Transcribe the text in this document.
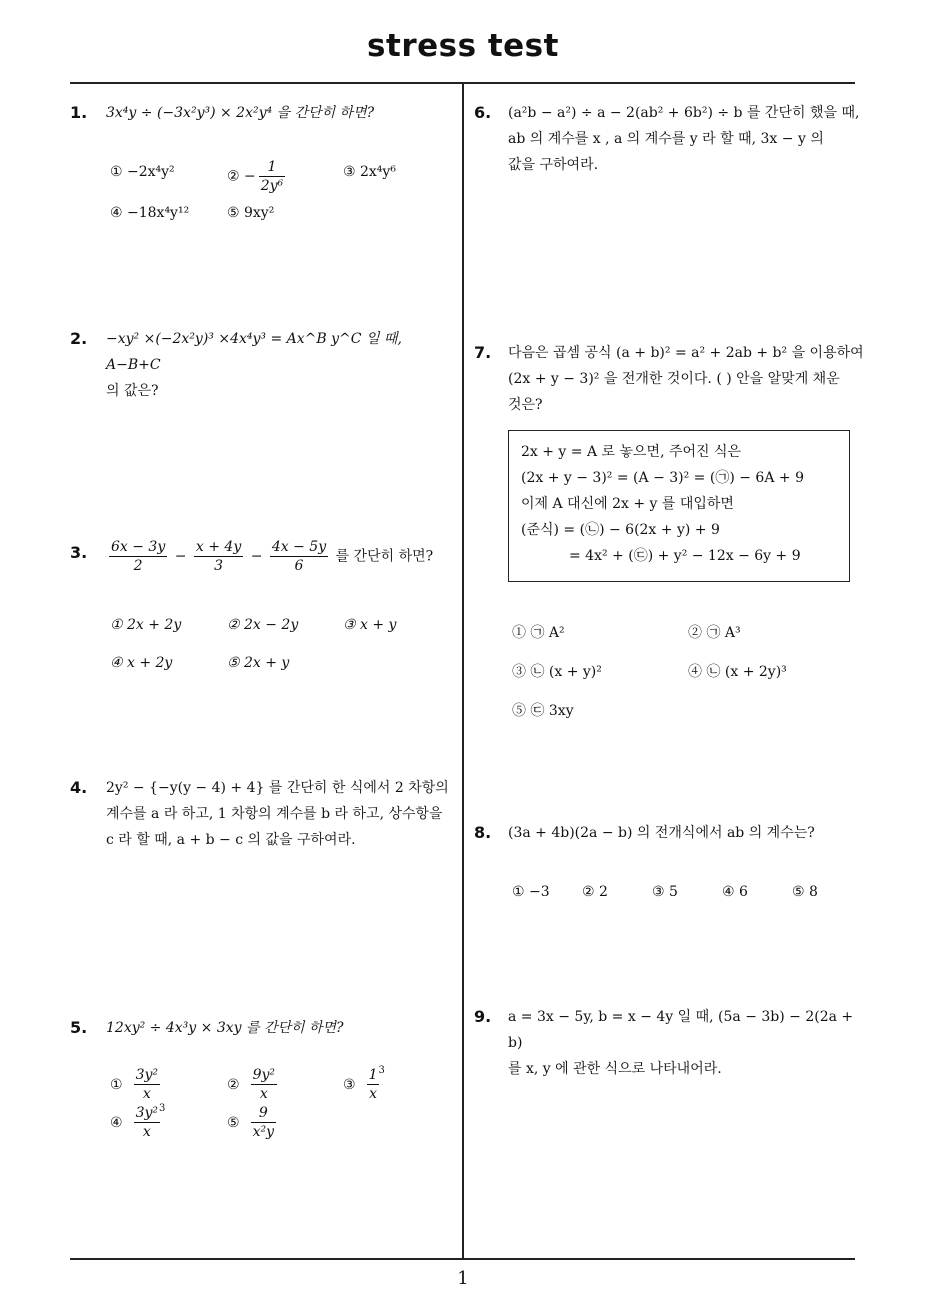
stress test
1
1. 3x⁴y ÷ (−3x²y³) × 2x²y⁴ 을 간단히 하면?
① −2x⁴y²	② − $\frac{1}{\text{2y⁶}}$	③ 2x⁴y⁶
④ −18x⁴y¹²	⑤ 9xy²
2. −xy² ×(−2x²y)³ ×4x⁴y³ = Ax^B y^C 일 때, A−B+C
의 값은?
3. $\frac{6x - 3y}{2} - \frac{x + 4y}{3} - \frac{4x - 5y}{6}$ 를 간단히 하면?
① 2x + 2y	② 2x − 2y	③ x + y
④ x + 2y	⑤ 2x + y
4. 2y² − {−y(y − 4) + 4} 를 간단히 한 식에서 2 차항의
계수를 a 라 하고, 1 차항의 계수를 b 라 하고, 상수항을
c 라 할 때, a + b − c 의 값을 구하여라.
5. 12xy² ÷ 4x³y × 3xy 를 간단히 하면?
① $\frac{\text{3y²}}{x}$	② $\frac{\text{9y²}}{x}$	③ $\frac{1}{x} ^3$
④ $\frac{\text{3y²}}{x} ^3$
⑤ $\frac{9}{\text{x²y}}$
6. (a²b − a²) ÷ a − 2(ab² + 6b²) ÷ b 를 간단히 했을 때,
ab 의 계수를 x , a 의 계수를 y 라 할 때, 3x − y 의
값을 구하여라.
7. 다음은 곱셈 공식 (a + b)² = a² + 2ab + b² 을 이용하여
(2x + y − 3)² 을 전개한 것이다. ( ) 안을 알맞게 채운
것은?
2x + y = A 로 놓으면, 주어진 식은
(2x + y − 3)² = (A − 3)² = (㉠) − 6A + 9
이제 A 대신에 2x + y 를 대입하면
(준식) = (㉡) − 6(2x + y) + 9
= 4x² + (㉢) + y² − 12x − 6y + 9
① ㉠ A²	② ㉠ A³
③ ㉡ (x + y)²	④ ㉡ (x + 2y)³
⑤ ㉢ 3xy
8. (3a + 4b)(2a − b) 의 전개식에서 ab 의 계수는?
① −3 ② 2	③ 5	④ 6	⑤ 8
9. a = 3x − 5y, b = x − 4y 일 때, (5a − 3b) − 2(2a + b)
를 x, y 에 관한 식으로 나타내어라.
